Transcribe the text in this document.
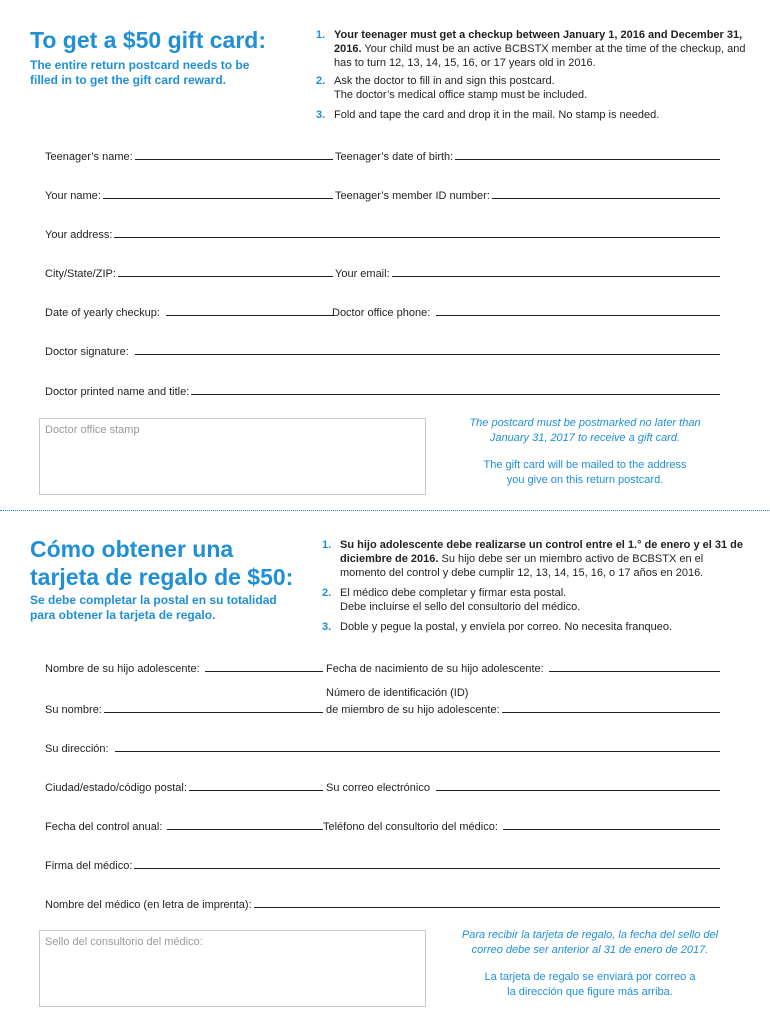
To get a $50 gift card:
The entire return postcard needs to be
filled in to get the gift card reward.
1. Your teenager must get a checkup between January 1, 2016 and December 31, 2016. Your child must be an active BCBSTX member at the time of the checkup, and has to turn 12, 13, 14, 15, 16, or 17 years old in 2016.
2. Ask the doctor to fill in and sign this postcard.
The doctor’s medical office stamp must be included.
3. Fold and tape the card and drop it in the mail. No stamp is needed.
Teenager’s name:	Teenager’s date of birth:
Your name:	Teenager’s member ID number:
Your address:
City/State/ZIP:	Your email:
Date of yearly checkup:	Doctor office phone:
Doctor signature:
Doctor printed name and title:
Doctor office stamp
The postcard must be postmarked no later than
January 31, 2017 to receive a gift card.
The gift card will be mailed to the address
you give on this return postcard.
Cómo obtener una
tarjeta de regalo de $50:
Se debe completar la postal en su totalidad
para obtener la tarjeta de regalo.
1. Su hijo adolescente debe realizarse un control entre el 1.° de enero y el 31 de diciembre de 2016. Su hijo debe ser un miembro activo de BCBSTX en el momento del control y debe cumplir 12, 13, 14, 15, 16, o 17 años en 2016.
2. El médico debe completar y firmar esta postal.
Debe incluirse el sello del consultorio del médico.
3. Doble y pegue la postal, y envíela por correo. No necesita franqueo.
Nombre de su hijo adolescente:	Fecha de nacimiento de su hijo adolescente:
Número de identificación (ID)
Su nombre:	de miembro de su hijo adolescente:
Su dirección:
Ciudad/estado/código postal:	Su correo electrónico
Fecha del control anual:	Teléfono del consultorio del médico:
Firma del médico:
Nombre del médico (en letra de imprenta):
Sello del consultorio del médico:
Para recibir la tarjeta de regalo, la fecha del sello del
correo debe ser anterior al 31 de enero de 2017.
La tarjeta de regalo se enviará por correo a
la dirección que figure más arriba.
